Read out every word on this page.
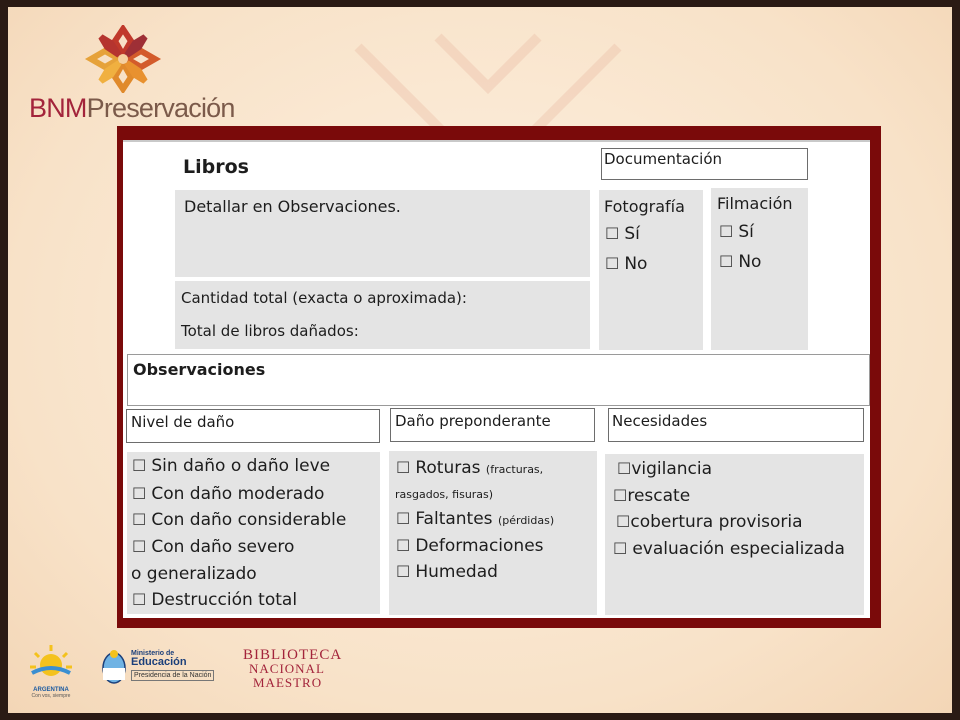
BNMPreservación
Libros
Detallar en Observaciones.
Cantidad total (exacta o aproximada):
Total de libros dañados:
Documentación
Fotografía
☐ Sí
☐ No
Filmación
☐ Sí
☐ No
Observaciones
Nivel de daño	Daño preponderante	Necesidades
☐ Sin daño o daño leve
☐ Con daño moderado
☐ Con daño considerable
☐ Con daño severo
o generalizado
☐ Destrucción total
☐ Roturas (fracturas,
rasgados, fisuras)
☐ Faltantes (pérdidas)
☐ Deformaciones
☐ Humedad
☐vigilancia
☐rescate
☐cobertura provisoria
☐ evaluación especializada
ARGENTINA
Con vos, siempre
Ministerio de
Educación
Presidencia de la Nación
BIBLIOTECA
NACIONAL
MAESTRO
